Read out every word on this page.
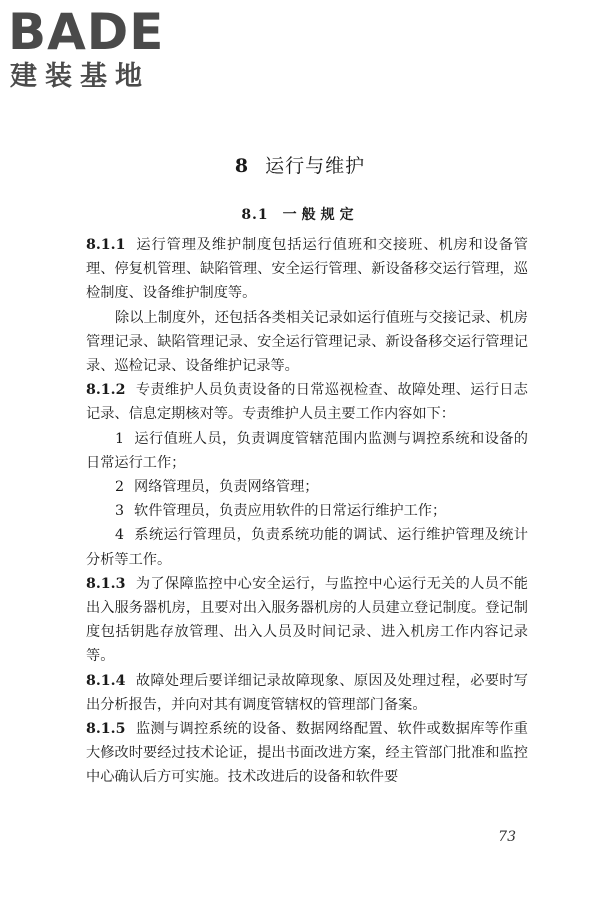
BADE
建装基地
8 运行与维护
8.1 一般规定

8.1.1 运行管理及维护制度包括运行值班和交接班、机房和设备管理、停复机管理、缺陷管理、安全运行管理、新设备移交运行管理，巡检制度、设备维护制度等。

除以上制度外，还包括各类相关记录如运行值班与交接记录、机房管理记录、缺陷管理记录、安全运行管理记录、新设备移交运行管理记录、巡检记录、设备维护记录等。

8.1.2 专责维护人员负责设备的日常巡视检查、故障处理、运行日志记录、信息定期核对等。专责维护人员主要工作内容如下：

1 运行值班人员，负责调度管辖范围内监测与调控系统和设备的日常运行工作；

2 网络管理员，负责网络管理；

3 软件管理员，负责应用软件的日常运行维护工作；

4 系统运行管理员，负责系统功能的调试、运行维护管理及统计分析等工作。

8.1.3 为了保障监控中心安全运行，与监控中心运行无关的人员不能出入服务器机房，且要对出入服务器机房的人员建立登记制度。登记制度包括钥匙存放管理、出入人员及时间记录、进入机房工作内容记录等。

8.1.4 故障处理后要详细记录故障现象、原因及处理过程，必要时写出分析报告，并向对其有调度管辖权的管理部门备案。

8.1.5 监测与调控系统的设备、数据网络配置、软件或数据库等作重大修改时要经过技术论证，提出书面改进方案，经主管部门批准和监控中心确认后方可实施。技术改进后的设备和软件要

73
